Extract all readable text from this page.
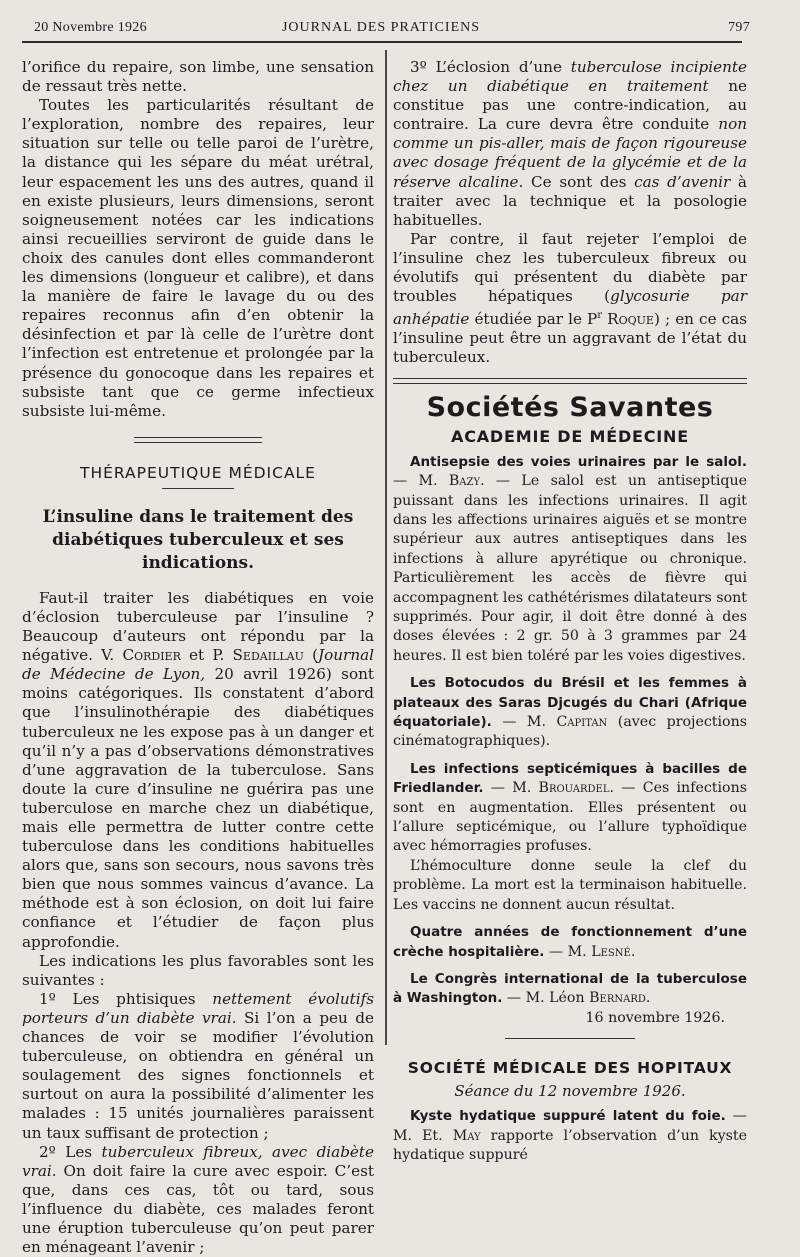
20 Novembre 1926	JOURNAL DES PRATICIENS	797

l’orifice du repaire, son limbe, une sensation de ressaut très nette.

Toutes les particularités résultant de l’exploration, nombre des repaires, leur situation sur telle ou telle paroi de l’urètre, la distance qui les sépare du méat urétral, leur espacement les uns des autres, quand il en existe plusieurs, leurs dimensions, seront soigneusement notées car les indications ainsi recueillies serviront de guide dans le choix des canules dont elles commanderont les dimensions (longueur et calibre), et dans la manière de faire le lavage du ou des repaires reconnus afin d’en obtenir la désinfection et par là celle de l’urètre dont l’infection est entretenue et prolongée par la présence du gonocoque dans les repaires et subsiste tant que ce germe infectieux subsiste lui-même.

THÉRAPEUTIQUE MÉDICALE

L’insuline dans le traitement des diabétiques tuberculeux et ses indications.

Faut-il traiter les diabétiques en voie d’éclosion tuberculeuse par l’insuline ? Beaucoup d’auteurs ont répondu par la négative. V. Cordier et P. Sedaillau (Journal de Médecine de Lyon, 20 avril 1926) sont moins catégoriques. Ils constatent d’abord que l’insulinothérapie des diabétiques tuberculeux ne les expose pas à un danger et qu’il n’y a pas d’observations démonstratives d’une aggravation de la tuberculose. Sans doute la cure d’insuline ne guérira pas une tuberculose en marche chez un diabétique, mais elle permettra de lutter contre cette tuberculose dans les conditions habituelles alors que, sans son secours, nous savons très bien que nous sommes vaincus d’avance. La méthode est à son éclosion, on doit lui faire confiance et l’étudier de façon plus approfondie.

Les indications les plus favorables sont les suivantes :

1º Les phtisiques nettement évolutifs porteurs d’un diabète vrai. Si l’on a peu de chances de voir se modifier l’évolution tuberculeuse, on obtiendra en général un soulagement des signes fonctionnels et surtout on aura la possibilité d’alimenter les malades : 15 unités journalières paraissent un taux suffisant de protection ;

2º Les tuberculeux fibreux, avec diabète vrai. On doit faire la cure avec espoir. C’est que, dans ces cas, tôt ou tard, sous l’influence du diabète, ces malades feront une éruption tuberculeuse qu’on peut parer en ménageant l’avenir ;

3º L’éclosion d’une tuberculose incipiente chez un diabétique en traitement ne constitue pas une contre-indication, au contraire. La cure devra être conduite non comme un pis-aller, mais de façon rigoureuse avec dosage fréquent de la glycémie et de la réserve alcaline. Ce sont des cas d’avenir à traiter avec la technique et la posologie habituelles.

Par contre, il faut rejeter l’emploi de l’insuline chez les tuberculeux fibreux ou évolutifs qui présentent du diabète par troubles hépatiques (glycosurie par anhépatie étudiée par le $P^r$ Roque) ; en ce cas l’insuline peut être un aggravant de l’état du tuberculeux.

Sociétés Savantes

ACADEMIE DE MÉDECINE

Antisepsie des voies urinaires par le salol. — M. Bazy. — Le salol est un antiseptique puissant dans les infections urinaires. Il agit dans les affections urinaires aiguës et se montre supérieur aux autres antiseptiques dans les infections à allure apyrétique ou chronique. Particulièrement les accès de fièvre qui accompagnent les cathétérismes dilatateurs sont supprimés. Pour agir, il doit être donné à des doses élevées : 2 gr. 50 à 3 grammes par 24 heures. Il est bien toléré par les voies digestives.

Les Botocudos du Brésil et les femmes à plateaux des Saras Djcugés du Chari (Afrique équatoriale). — M. Capitan (avec projections cinématographiques).

Les infections septicémiques à bacilles de Friedlander. — M. Brouardel. — Ces infections sont en augmentation. Elles présentent ou l’allure septicémique, ou l’allure typhoïdique avec hémorragies profuses.

L’hémoculture donne seule la clef du problème. La mort est la terminaison habituelle. Les vaccins ne donnent aucun résultat.

Quatre années de fonctionnement d’une crèche hospitalière. — M. Lesné.

Le Congrès international de la tuberculose à Washington. — M. Léon Bernard.

16 novembre 1926.

SOCIÉTÉ MÉDICALE DES HOPITAUX

Séance du 12 novembre 1926.

Kyste hydatique suppuré latent du foie. — M. Et. May rapporte l’observation d’un kyste hydatique suppuré
